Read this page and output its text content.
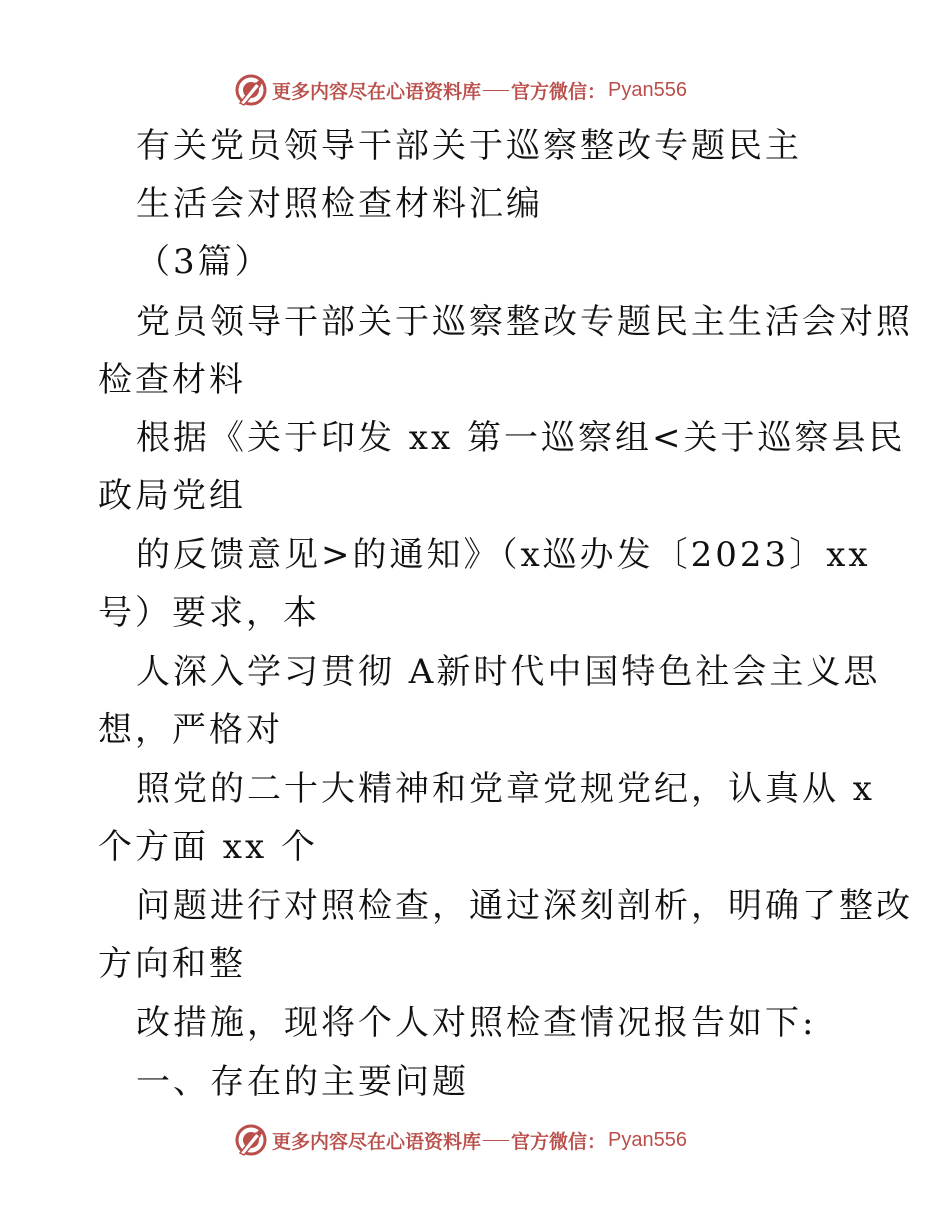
更多内容尽在心语资料库 官方微信： Pyan556
有关党员领导干部关于巡察整改专题民主
生活会对照检查材料汇编
（3篇）
党员领导干部关于巡察整改专题民主生活会对照
检查材料
根据《关于印发 xx 第一巡察组<关于巡察县民
政局党组
的反馈意见>的通知》（x巡办发〔2023〕xx
号）要求，本
人深入学习贯彻 A新时代中国特色社会主义思
想，严格对
照党的二十大精神和党章党规党纪，认真从 x
个方面 xx 个
问题进行对照检查，通过深刻剖析，明确了整改
方向和整
改措施，现将个人对照检查情况报告如下:
一、存在的主要问题
更多内容尽在心语资料库 官方微信： Pyan556
